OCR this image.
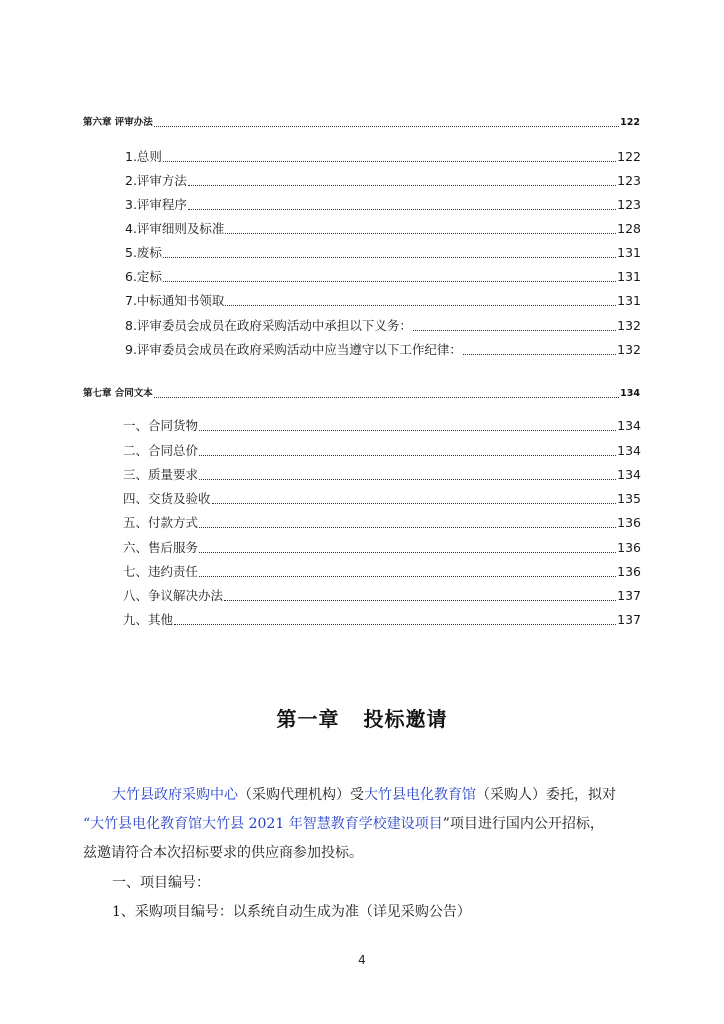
第六章 评审办法	122
1.总则	122
2.评审方法	123
3.评审程序	123
4.评审细则及标准	128
5.废标	131
6.定标	131
7.中标通知书领取	131
8.评审委员会成员在政府采购活动中承担以下义务：	132
9.评审委员会成员在政府采购活动中应当遵守以下工作纪律：	132
第七章 合同文本	134
一、合同货物	134
二、合同总价	134
三、质量要求	134
四、交货及验收	135
五、付款方式	136
六、售后服务	136
七、违约责任	136
八、争议解决办法	137
九、其他	137
第一章 投标邀请
大竹县政府采购中心（采购代理机构）受大竹县电化教育馆（采购人）委托，拟对
“大竹县电化教育馆大竹县 2021 年智慧教育学校建设项目”项目进行国内公开招标，
兹邀请符合本次招标要求的供应商参加投标。
一、项目编号：
1、采购项目编号：以系统自动生成为准（详见采购公告）
4
